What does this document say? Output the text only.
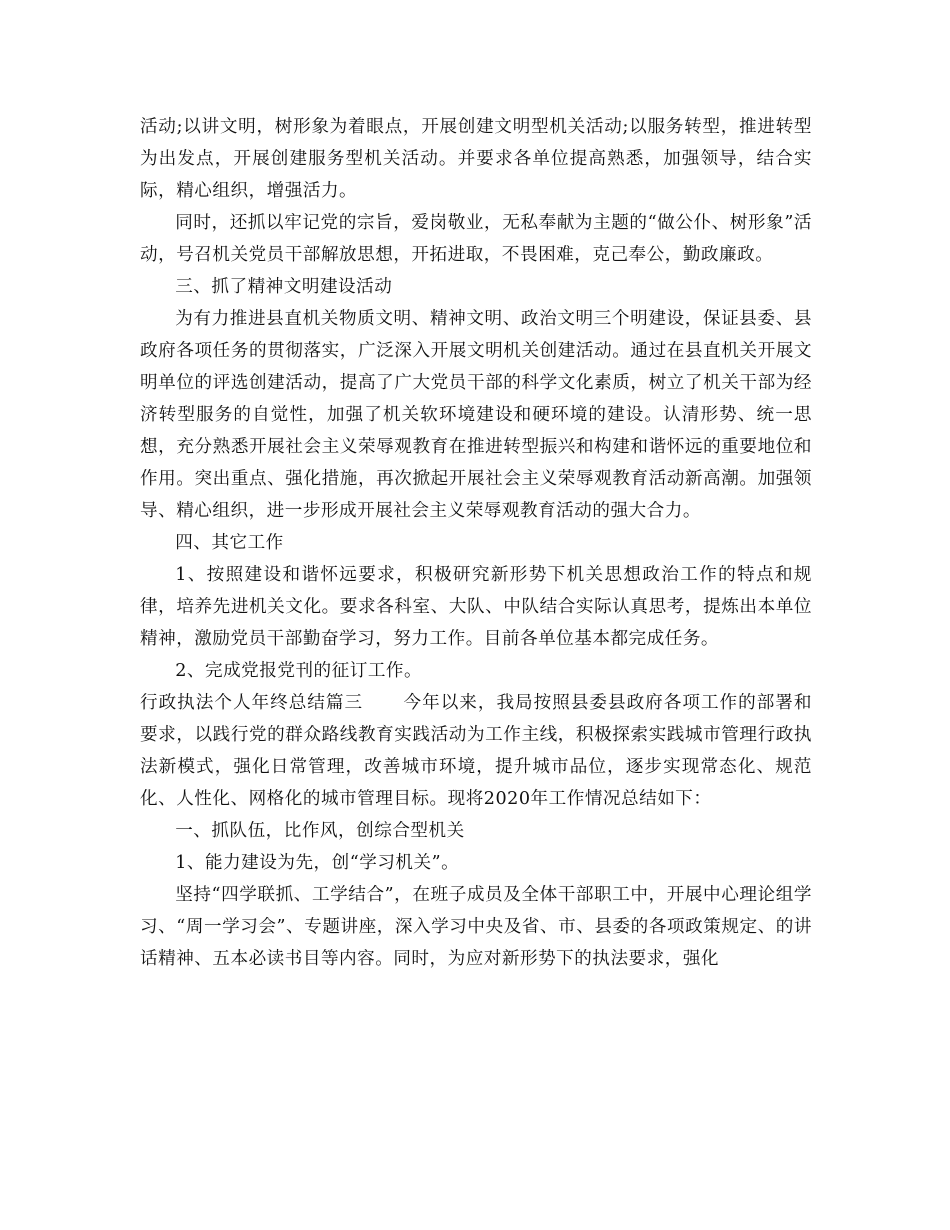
活动;以讲文明，树形象为着眼点，开展创建文明型机关活动;以服务转型，推进转型为出发点，开展创建服务型机关活动。并要求各单位提高熟悉，加强领导，结合实际，精心组织，增强活力。

同时，还抓以牢记党的宗旨，爱岗敬业，无私奉献为主题的“做公仆、树形象”活动，号召机关党员干部解放思想，开拓进取，不畏困难，克己奉公，勤政廉政。

三、抓了精神文明建设活动

为有力推进县直机关物质文明、精神文明、政治文明三个明建设，保证县委、县政府各项任务的贯彻落实，广泛深入开展文明机关创建活动。通过在县直机关开展文明单位的评选创建活动，提高了广大党员干部的科学文化素质，树立了机关干部为经济转型服务的自觉性，加强了机关软环境建设和硬环境的建设。认清形势、统一思想，充分熟悉开展社会主义荣辱观教育在推进转型振兴和构建和谐怀远的重要地位和作用。突出重点、强化措施，再次掀起开展社会主义荣辱观教育活动新高潮。加强领导、精心组织，进一步形成开展社会主义荣辱观教育活动的强大合力。

四、其它工作

1、按照建设和谐怀远要求，积极研究新形势下机关思想政治工作的特点和规律，培养先进机关文化。要求各科室、大队、中队结合实际认真思考，提炼出本单位精神，激励党员干部勤奋学习，努力工作。目前各单位基本都完成任务。

2、完成党报党刊的征订工作。

行政执法个人年终总结篇三 今年以来，我局按照县委县政府各项工作的部署和要求，以践行党的群众路线教育实践活动为工作主线，积极探索实践城市管理行政执法新模式，强化日常管理，改善城市环境，提升城市品位，逐步实现常态化、规范化、人性化、网格化的城市管理目标。现将2020年工作情况总结如下：

一、抓队伍，比作风，创综合型机关

1、能力建设为先，创“学习机关”。

坚持“四学联抓、工学结合”，在班子成员及全体干部职工中，开展中心理论组学习、“周一学习会”、专题讲座，深入学习中央及省、市、县委的各项政策规定、的讲话精神、五本必读书目等内容。同时，为应对新形势下的执法要求，强化
